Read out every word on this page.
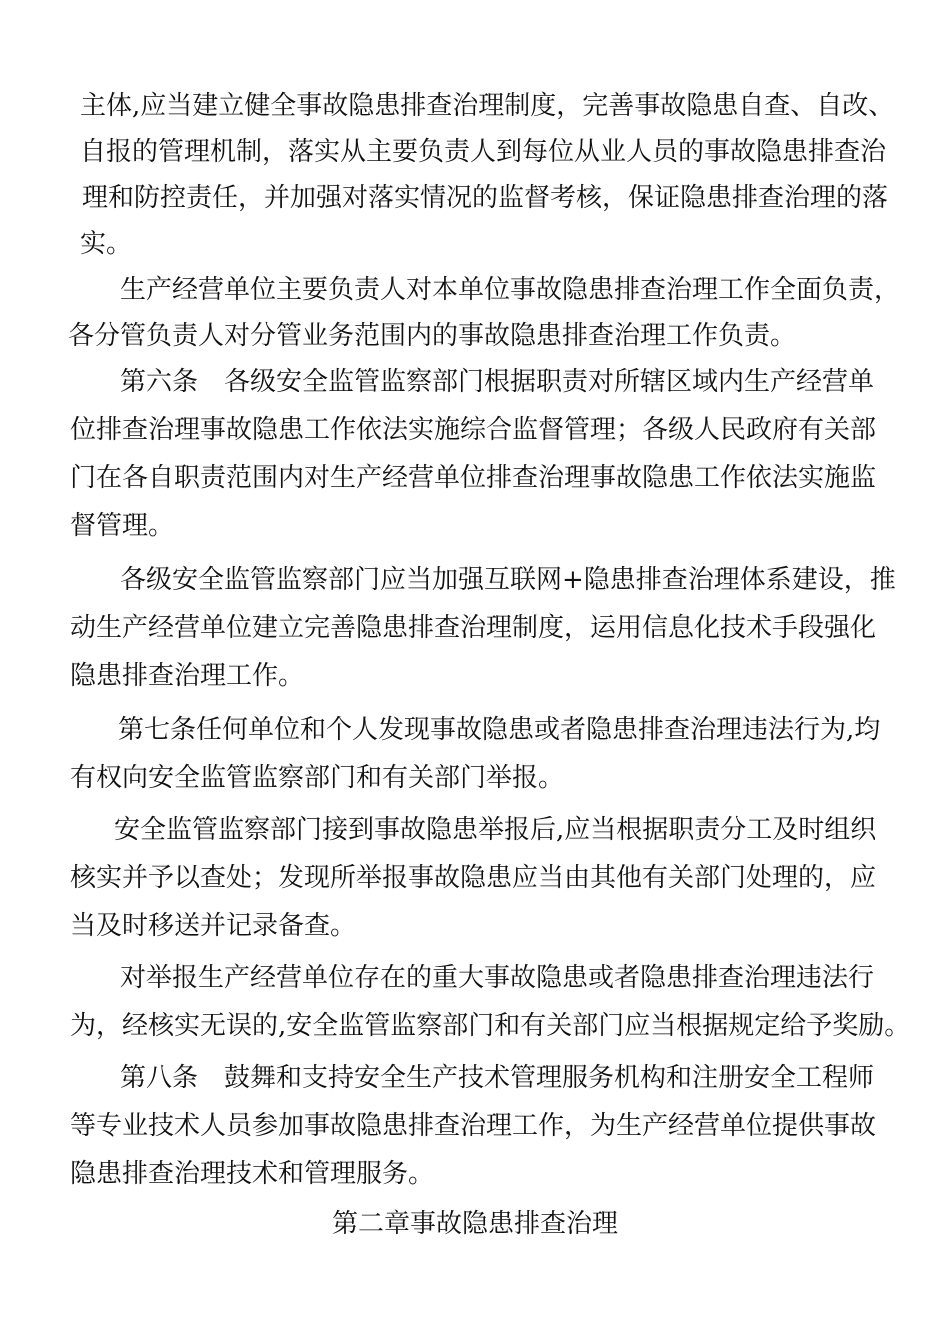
主体,应当建立健全事故隐患排查治理制度，完善事故隐患自查、自改、
自报的管理机制，落实从主要负责人到每位从业人员的事故隐患排查治
理和防控责任，并加强对落实情况的监督考核，保证隐患排查治理的落
实。
生产经营单位主要负责人对本单位事故隐患排查治理工作全面负责，
各分管负责人对分管业务范围内的事故隐患排查治理工作负责。
第六条　各级安全监管监察部门根据职责对所辖区域内生产经营单
位排查治理事故隐患工作依法实施综合监督管理；各级人民政府有关部
门在各自职责范围内对生产经营单位排查治理事故隐患工作依法实施监
督管理。
各级安全监管监察部门应当加强互联网+隐患排查治理体系建设，推
动生产经营单位建立完善隐患排查治理制度，运用信息化技术手段强化
隐患排查治理工作。
第七条任何单位和个人发现事故隐患或者隐患排查治理违法行为,均
有权向安全监管监察部门和有关部门举报。
安全监管监察部门接到事故隐患举报后,应当根据职责分工及时组织
核实并予以查处；发现所举报事故隐患应当由其他有关部门处理的，应
当及时移送并记录备查。
对举报生产经营单位存在的重大事故隐患或者隐患排查治理违法行
为，经核实无误的,安全监管监察部门和有关部门应当根据规定给予奖励。
第八条　鼓舞和支持安全生产技术管理服务机构和注册安全工程师
等专业技术人员参加事故隐患排查治理工作，为生产经营单位提供事故
隐患排查治理技术和管理服务。
第二章事故隐患排查治理
